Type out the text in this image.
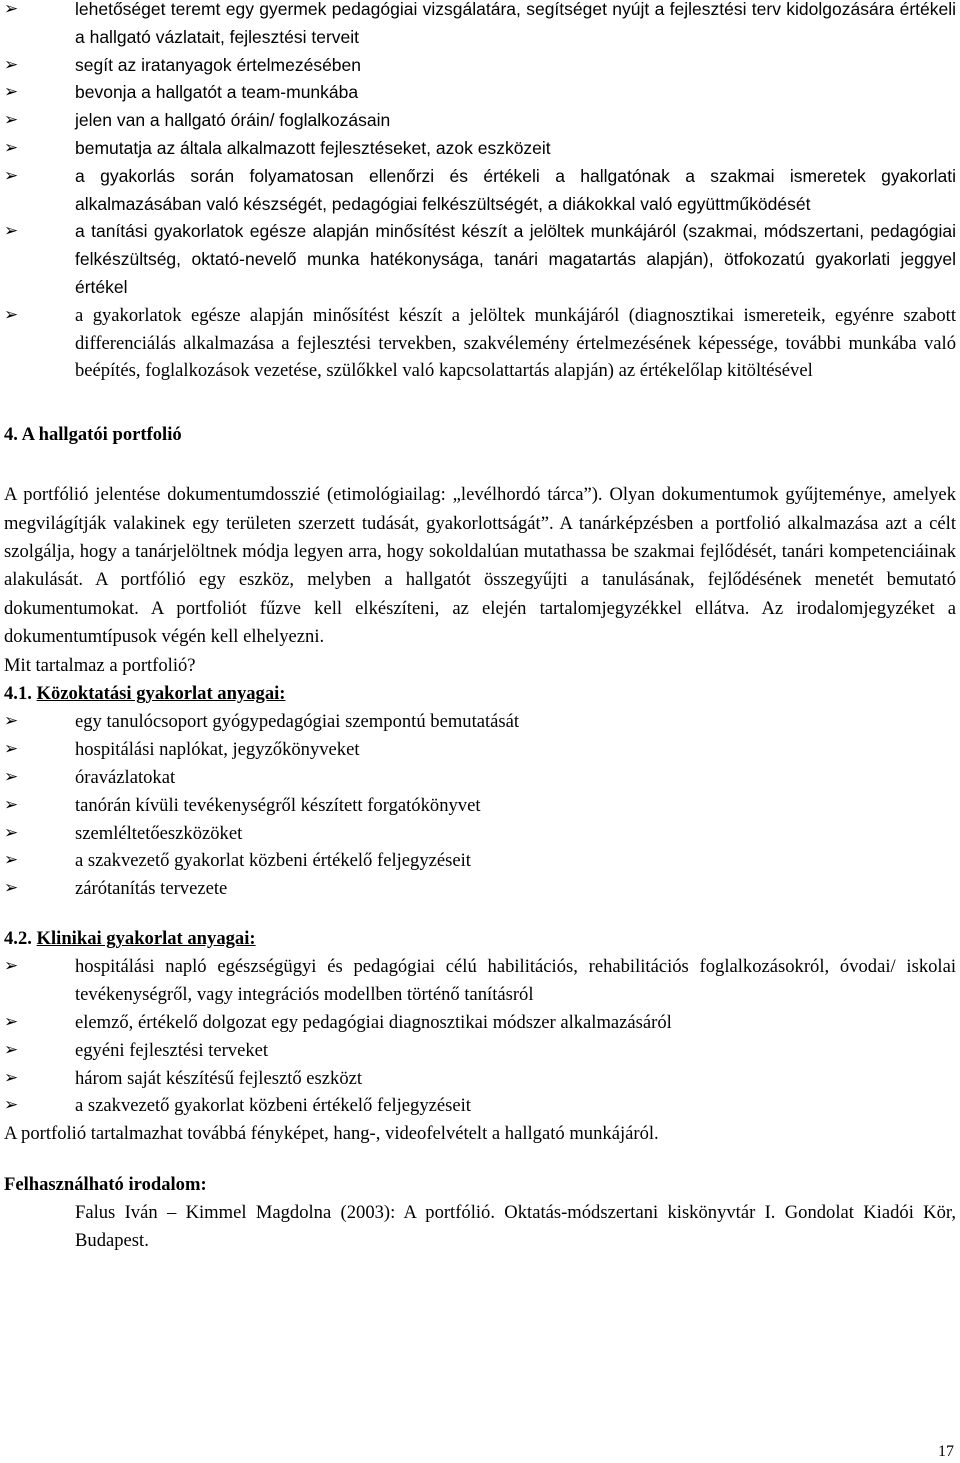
➢ lehetőséget teremt egy gyermek pedagógiai vizsgálatára, segítséget nyújt a fejlesztési terv kidolgozására értékeli a hallgató vázlatait, fejlesztési terveit
➢ segít az iratanyagok értelmezésében
➢ bevonja a hallgatót a team-munkába
➢ jelen van a hallgató óráin/ foglalkozásain
➢ bemutatja az általa alkalmazott fejlesztéseket, azok eszközeit
➢ a gyakorlás során folyamatosan ellenőrzi és értékeli a hallgatónak a szakmai ismeretek gyakorlati alkalmazásában való készségét, pedagógiai felkészültségét, a diákokkal való együttműködését
➢ a tanítási gyakorlatok egésze alapján minősítést készít a jelöltek munkájáról (szakmai, módszertani, pedagógiai felkészültség, oktató-nevelő munka hatékonysága, tanári magatartás alapján), ötfokozatú gyakorlati jeggyel értékel
➢ a gyakorlatok egésze alapján minősítést készít a jelöltek munkájáról (diagnosztikai ismereteik, egyénre szabott differenciálás alkalmazása a fejlesztési tervekben, szakvélemény értelmezésének képessége, további munkába való beépítés, foglalkozások vezetése, szülőkkel való kapcsolattartás alapján) az értékelőlap kitöltésével
4. A hallgatói portfolió

A portfólió jelentése dokumentumdosszié (etimológiailag: „levélhordó tárca”). Olyan dokumentumok gyűjteménye, amelyek megvilágítják valakinek egy területen szerzett tudását, gyakorlottságát”. A tanárképzésben a portfolió alkalmazása azt a célt szolgálja, hogy a tanárjelöltnek módja legyen arra, hogy sokoldalúan mutathassa be szakmai fejlődését, tanári kompetenciáinak alakulását. A portfólió egy eszköz, melyben a hallgatót összegyűjti a tanulásának, fejlődésének menetét bemutató dokumentumokat. A portfoliót fűzve kell elkészíteni, az elején tartalomjegyzékkel ellátva. Az irodalomjegyzéket a dokumentumtípusok végén kell elhelyezni.

Mit tartalmaz a portfolió?

4.1. Közoktatási gyakorlat anyagai:

➢ egy tanulócsoport gyógypedagógiai szempontú bemutatását
➢ hospitálási naplókat, jegyzőkönyveket
➢ óravázlatokat
➢ tanórán kívüli tevékenységről készített forgatókönyvet
➢ szemléltetőeszközöket
➢ a szakvezető gyakorlat közbeni értékelő feljegyzéseit
➢ zárótanítás tervezete

4.2. Klinikai gyakorlat anyagai:

➢ hospitálási napló egészségügyi és pedagógiai célú habilitációs, rehabilitációs foglalkozásokról, óvodai/ iskolai tevékenységről, vagy integrációs modellben történő tanításról
➢ elemző, értékelő dolgozat egy pedagógiai diagnosztikai módszer alkalmazásáról
➢ egyéni fejlesztési terveket
➢ három saját készítésű fejlesztő eszközt
➢ a szakvezető gyakorlat közbeni értékelő feljegyzéseit

A portfolió tartalmazhat továbbá fényképet, hang-, videofelvételt a hallgató munkájáról.

Felhasználható irodalom:

Falus Iván – Kimmel Magdolna (2003): A portfólió. Oktatás-módszertani kiskönyvtár I. Gondolat Kiadói Kör, Budapest.

17
